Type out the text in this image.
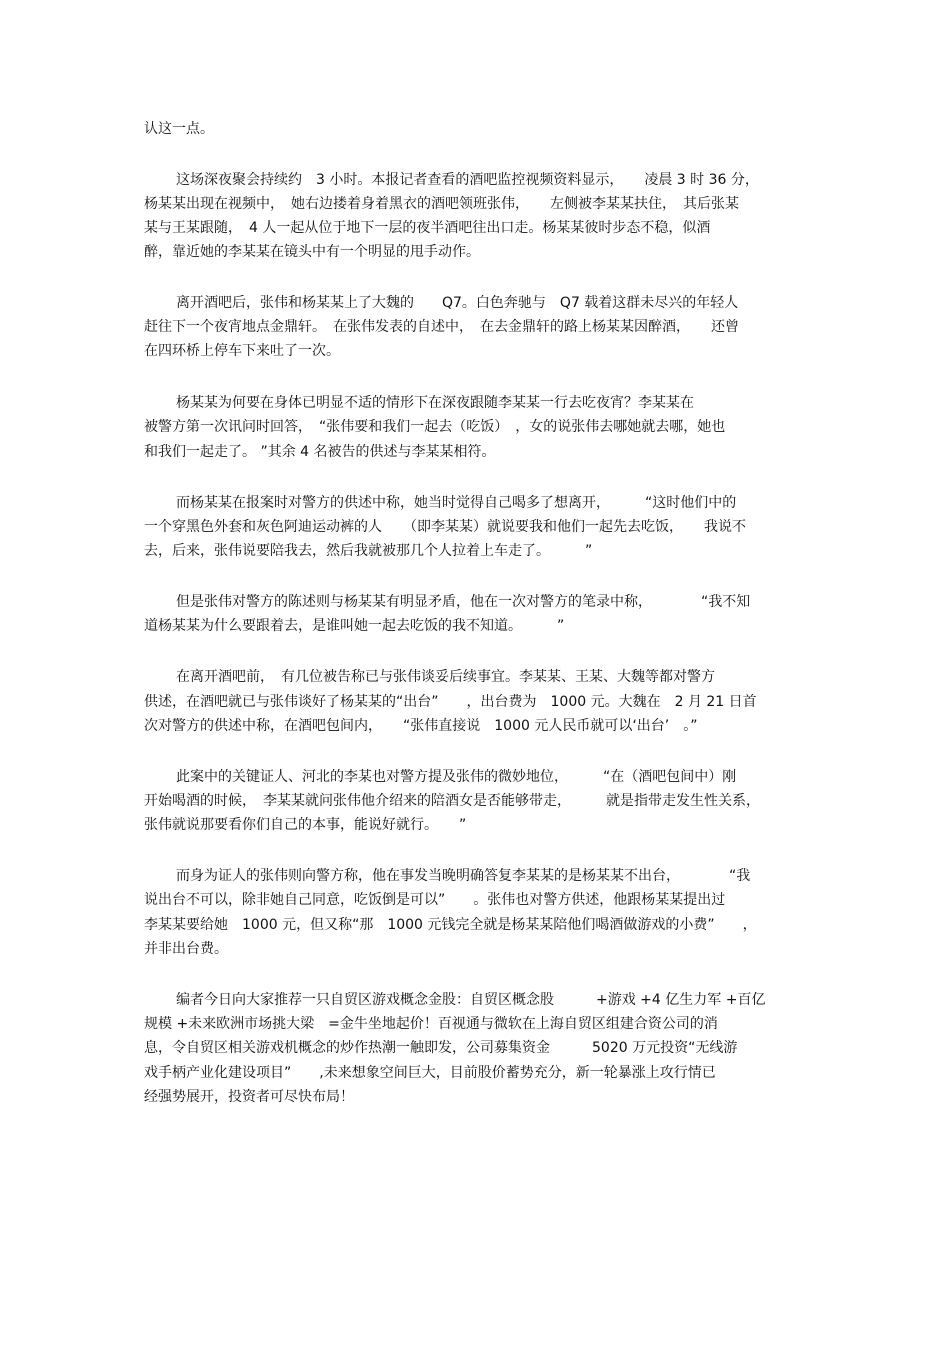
认这一点。
这场深夜聚会持续约　3 小时。本报记者查看的酒吧监控视频资料显示，　　凌晨 3 时 36 分，
杨某某出现在视频中，　她右边搂着身着黑衣的酒吧领班张伟，　　左侧被李某某扶住，　其后张某
某与王某跟随，　4 人一起从位于地下一层的夜半酒吧往出口走。杨某某彼时步态不稳，似酒
醉，靠近她的李某某在镜头中有一个明显的甩手动作。
离开酒吧后，张伟和杨某某上了大魏的　　Q7。白色奔驰与　Q7 载着这群未尽兴的年轻人
赶往下一个夜宵地点金鼎轩。　在张伟发表的自述中，　在去金鼎轩的路上杨某某因醉酒，　　还曾
在四环桥上停车下来吐了一次。
杨某某为何要在身体已明显不适的情形下在深夜跟随李某某一行去吃夜宵？李某某在
被警方第一次讯问时回答，　“张伟要和我们一起去（吃饭）　，女的说张伟去哪她就去哪，她也
和我们一起走了。 ”其余 4 名被告的供述与李某某相符。
而杨某某在报案时对警方的供述中称，她当时觉得自己喝多了想离开，　　　“这时他们中的
一个穿黑色外套和灰色阿迪运动裤的人　　（即李某某）就说要我和他们一起先去吃饭，　　我说不
去，后来，张伟说要陪我去，然后我就被那几个人拉着上车走了。　　　”
但是张伟对警方的陈述则与杨某某有明显矛盾，他在一次对警方的笔录中称，　　　　“我不知
道杨某某为什么要跟着去，是谁叫她一起去吃饭的我不知道。　　　”
在离开酒吧前，　有几位被告称已与张伟谈妥后续事宜。李某某、王某、大魏等都对警方
供述，在酒吧就已与张伟谈好了杨某某的“出台”　　，出台费为　1000 元。大魏在　2 月 21 日首
次对警方的供述中称，在酒吧包间内，　　“张伟直接说　1000 元人民币就可以‘出台’　。”
此案中的关键证人、河北的李某也对警方提及张伟的微妙地位，　　　“在（酒吧包间中）刚
开始喝酒的时候，　李某某就问张伟他介绍来的陪酒女是否能够带走，　　　就是指带走发生性关系，
张伟就说那要看你们自己的本事，能说好就行。　　”
而身为证人的张伟则向警方称，他在事发当晚明确答复李某某的是杨某某不出台，　　　　“我
说出台不可以，除非她自己同意，吃饭倒是可以”　　。张伟也对警方供述，他跟杨某某提出过
李某某要给她　1000 元，但又称“那　1000 元钱完全就是杨某某陪他们喝酒做游戏的小费”　　，
并非出台费。
编者今日向大家推荐一只自贸区游戏概念金股：自贸区概念股　　　+游戏 +4 亿生力军 +百亿
规模 +未来欧洲市场挑大梁　=金牛坐地起价！百视通与微软在上海自贸区组建合资公司的消
息，令自贸区相关游戏机概念的炒作热潮一触即发，公司募集资金　　　5020 万元投资“无线游
戏手柄产业化建设项目”　　,未来想象空间巨大，目前股价蓄势充分，新一轮暴涨上攻行情已
经强势展开，投资者可尽快布局！
